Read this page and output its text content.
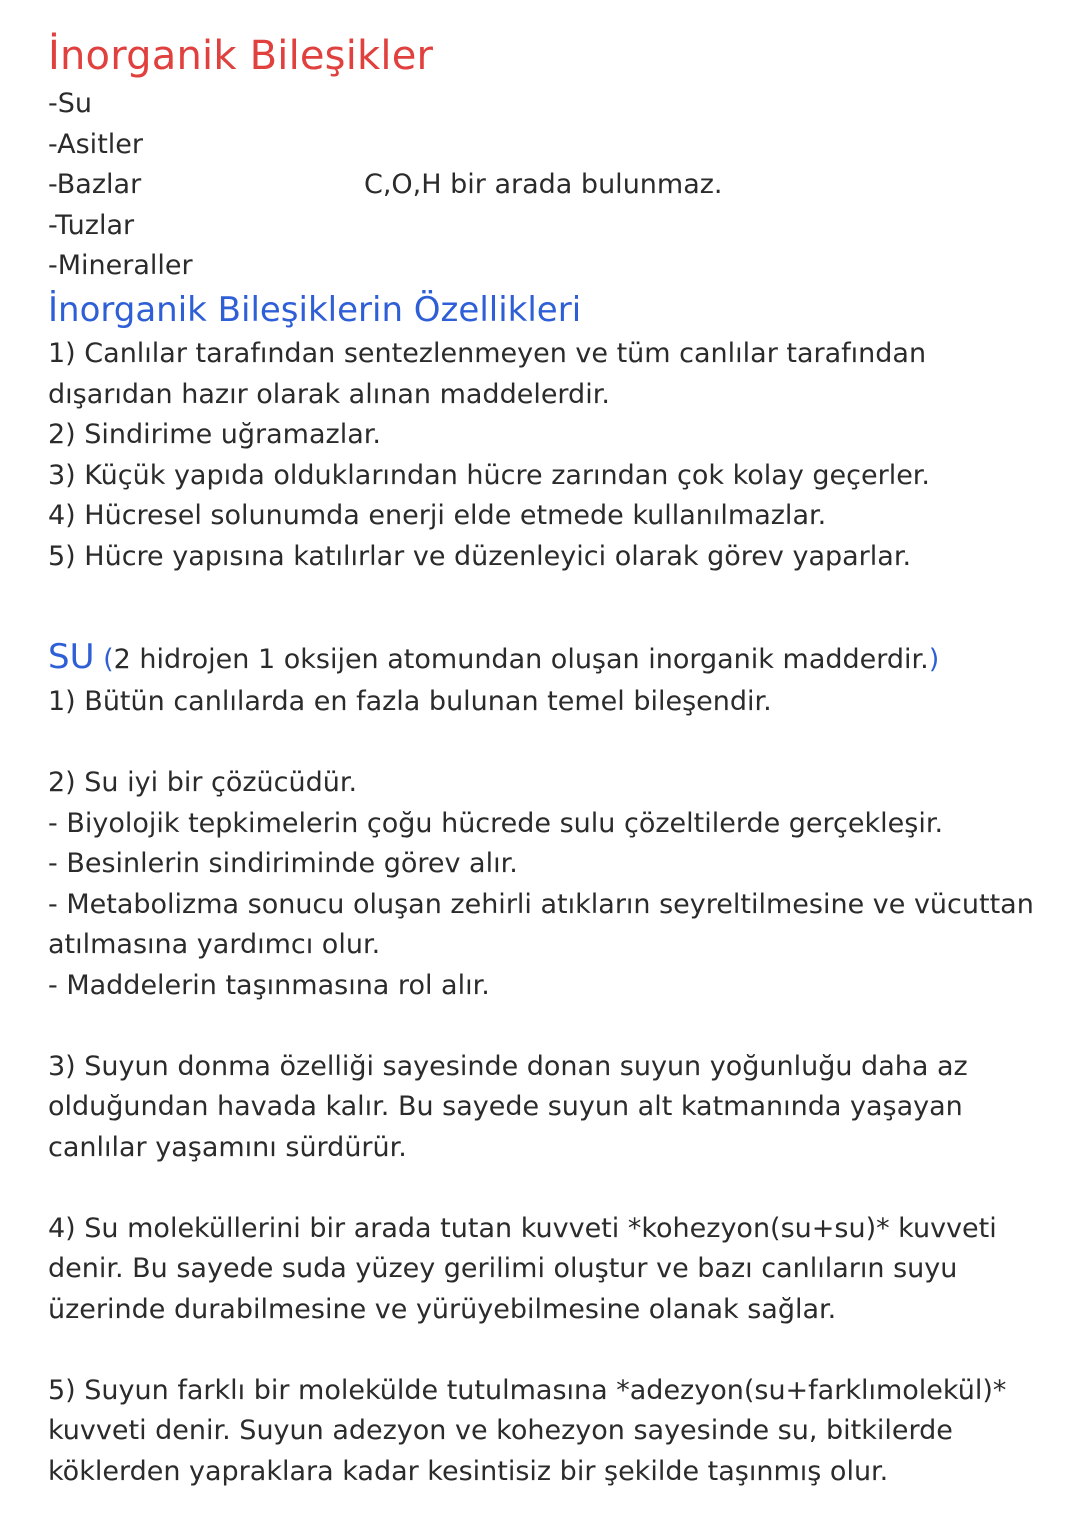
İnorganik Bileşikler
-Su
-Asitler
-Bazlar
-Tuzlar
-Mineraller
C,O,H bir arada bulunmaz.
İnorganik Bileşiklerin Özellikleri
1) Canlılar tarafından sentezlenmeyen ve tüm canlılar tarafından dışarıdan hazır olarak alınan maddelerdir.
2) Sindirime uğramazlar.
3) Küçük yapıda olduklarından hücre zarından çok kolay geçerler.
4) Hücresel solunumda enerji elde etmede kullanılmazlar.
5) Hücre yapısına katılırlar ve düzenleyici olarak görev yaparlar.
SU (2 hidrojen 1 oksijen atomundan oluşan inorganik madderdir.)
1) Bütün canlılarda en fazla bulunan temel bileşendir.
2) Su iyi bir çözücüdür.
- Biyolojik tepkimelerin çoğu hücrede sulu çözeltilerde gerçekleşir.
- Besinlerin sindiriminde görev alır.
- Metabolizma sonucu oluşan zehirli atıkların seyreltilmesine ve vücuttan atılmasına yardımcı olur.
- Maddelerin taşınmasına rol alır.
3) Suyun donma özelliği sayesinde donan suyun yoğunluğu daha az olduğundan havada kalır. Bu sayede suyun alt katmanında yaşayan canlılar yaşamını sürdürür.
4) Su moleküllerini bir arada tutan kuvveti *kohezyon(su+su)* kuvveti denir. Bu sayede suda yüzey gerilimi oluştur ve bazı canlıların suyu üzerinde durabilmesine ve yürüyebilmesine olanak sağlar.
5) Suyun farklı bir molekülde tutulmasına *adezyon(su+farklımolekül)* kuvveti denir. Suyun adezyon ve kohezyon sayesinde su, bitkilerde köklerden yapraklara kadar kesintisiz bir şekilde taşınmış olur.
